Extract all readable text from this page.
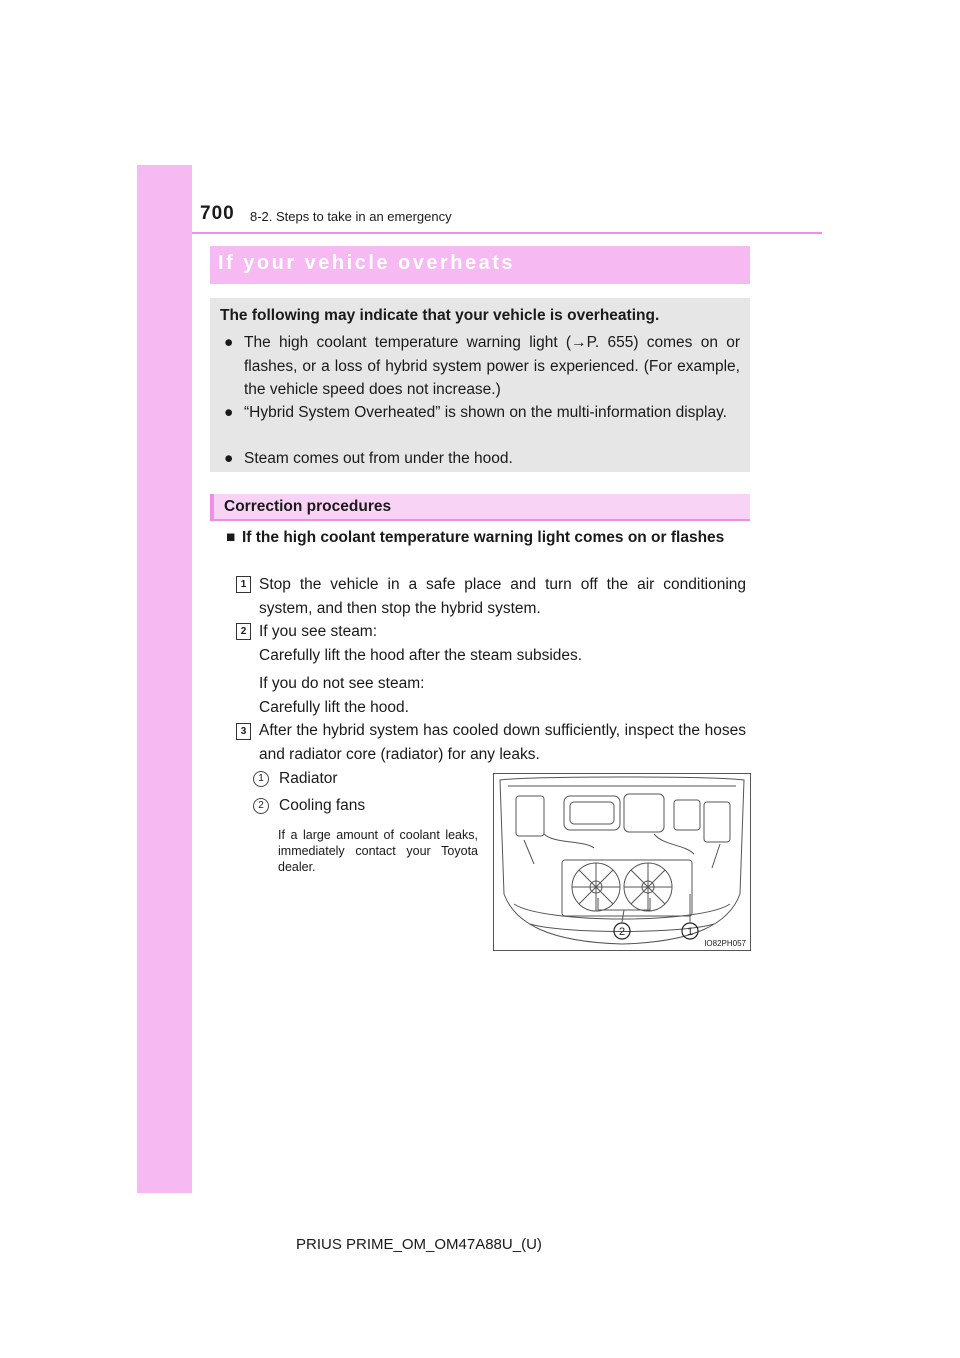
700 8-2. Steps to take in an emergency
If your vehicle overheats
The following may indicate that your vehicle is overheating.
● The high coolant temperature warning light (→P. 655) comes on or flashes, or a loss of hybrid system power is experienced. (For example, the vehicle speed does not increase.)
● “Hybrid System Overheated” is shown on the multi-information display.
● Steam comes out from under the hood.
Correction procedures
■ If the high coolant temperature warning light comes on or flashes
1 Stop the vehicle in a safe place and turn off the air conditioning system, and then stop the hybrid system.
2 If you see steam:
Carefully lift the hood after the steam subsides.
If you do not see steam:
Carefully lift the hood.
3 After the hybrid system has cooled down sufficiently, inspect the hoses and radiator core (radiator) for any leaks.
1 Radiator
2 Cooling fans
If a large amount of coolant leaks, immediately contact your Toyota dealer.
2	1
IO82PH057
PRIUS PRIME_OM_OM47A88U_(U)
